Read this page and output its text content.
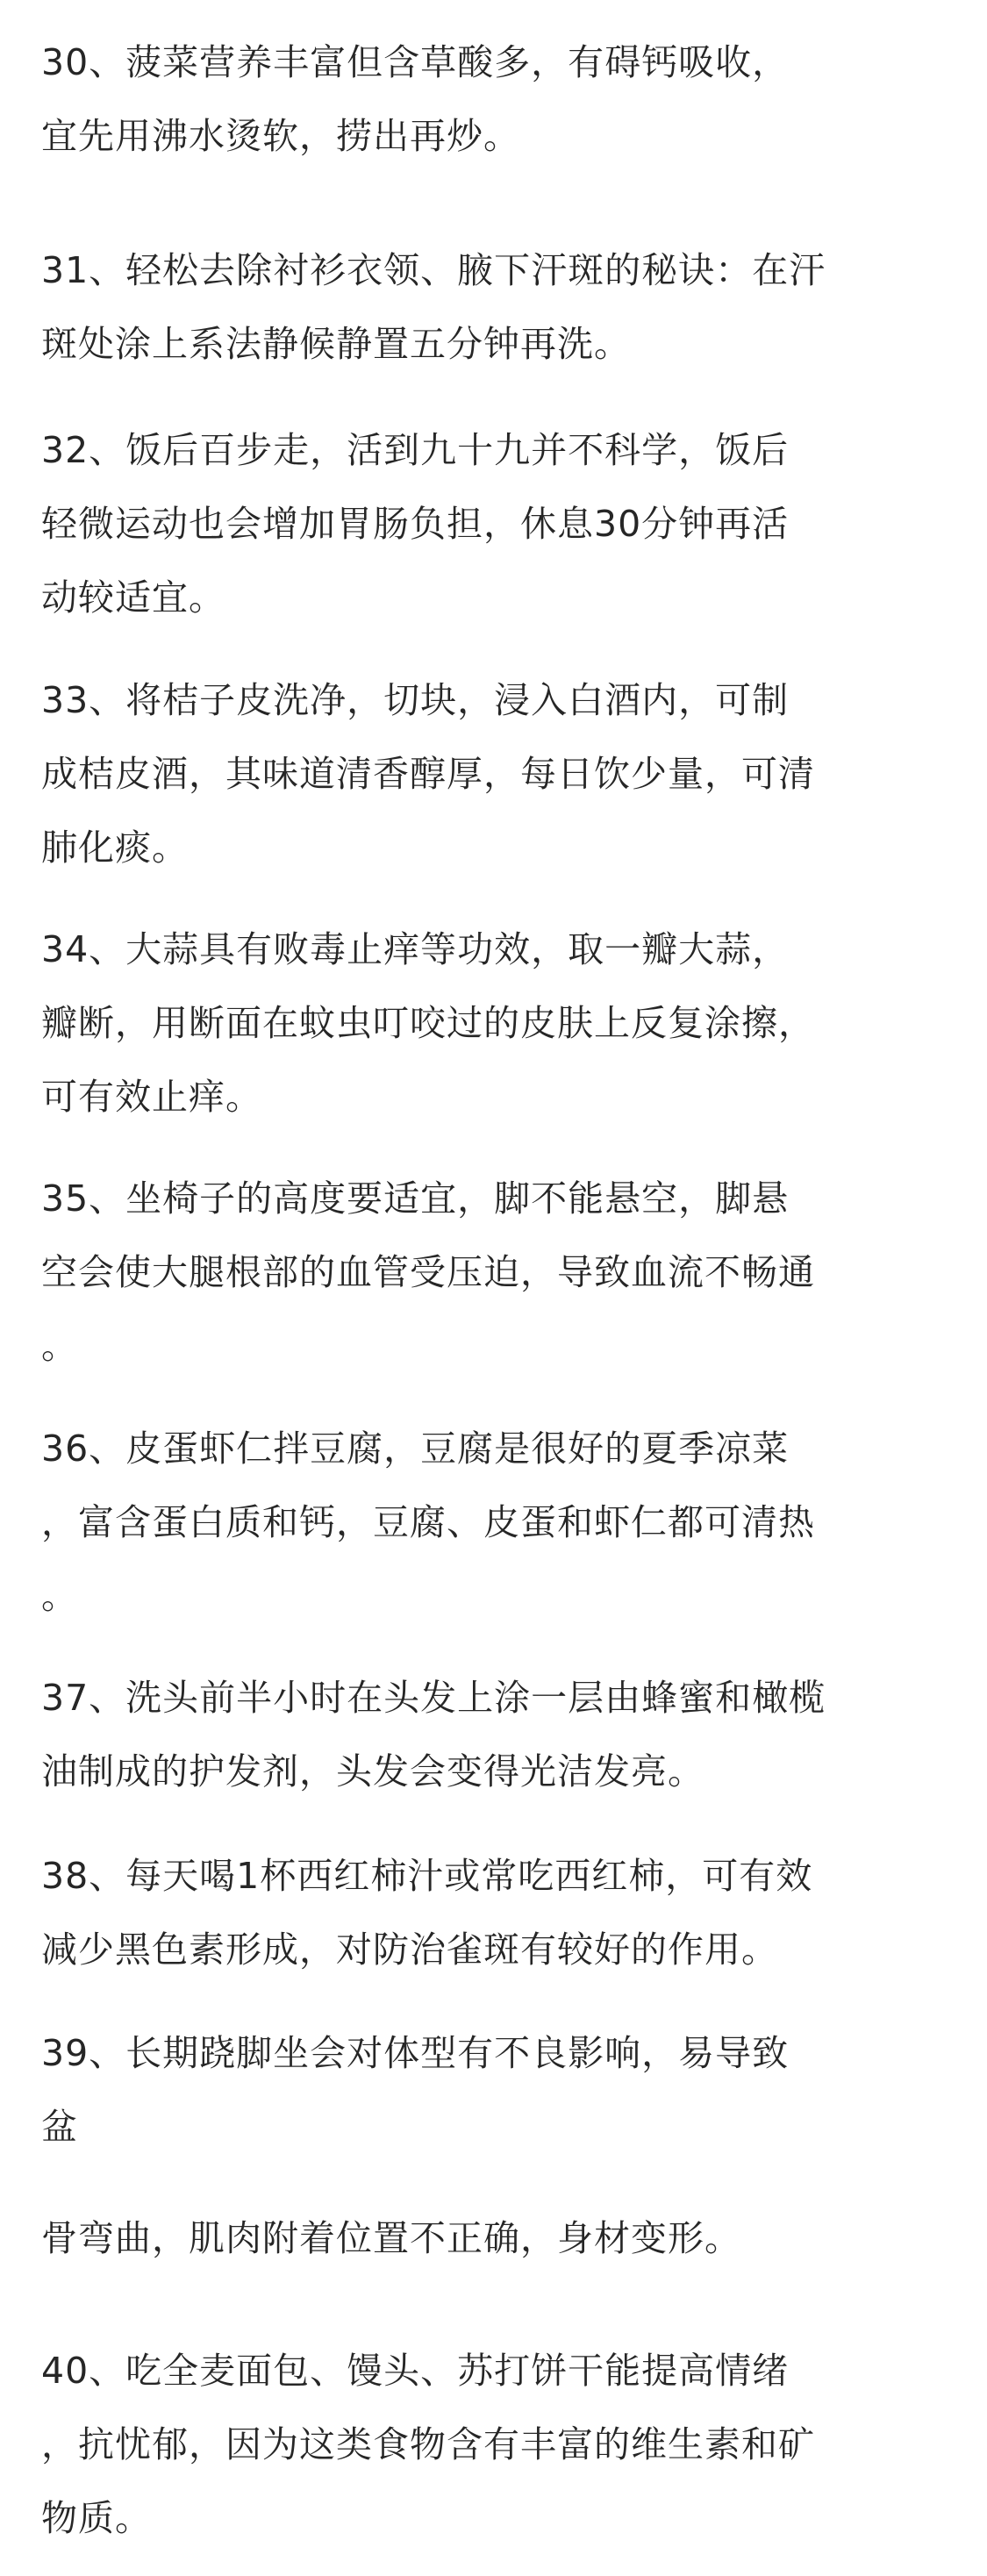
30、菠菜营养丰富但含草酸多，有碍钙吸收，
宜先用沸水烫软，捞出再炒。
31、轻松去除衬衫衣领、腋下汗斑的秘诀：在汗
斑处涂上系法静候静置五分钟再洗。
32、饭后百步走，活到九十九并不科学，饭后
轻微运动也会增加胃肠负担，休息30分钟再活
动较适宜。
33、将桔子皮洗净，切块，浸入白酒内，可制
成桔皮酒，其味道清香醇厚，每日饮少量，可清
肺化痰。
34、大蒜具有败毒止痒等功效，取一瓣大蒜，
瓣断，用断面在蚊虫叮咬过的皮肤上反复涂擦，
可有效止痒。
35、坐椅子的高度要适宜，脚不能悬空，脚悬
空会使大腿根部的血管受压迫，导致血流不畅通
。
36、皮蛋虾仁拌豆腐，豆腐是很好的夏季凉菜
，富含蛋白质和钙，豆腐、皮蛋和虾仁都可清热
。
37、洗头前半小时在头发上涂一层由蜂蜜和橄榄
油制成的护发剂，头发会变得光洁发亮。
38、每天喝1杯西红柿汁或常吃西红柿，可有效
减少黑色素形成，对防治雀斑有较好的作用。
39、长期跷脚坐会对体型有不良影响，易导致
盆
骨弯曲，肌肉附着位置不正确，身材变形。
40、吃全麦面包、馒头、苏打饼干能提高情绪
，抗忧郁，因为这类食物含有丰富的维生素和矿
物质。
